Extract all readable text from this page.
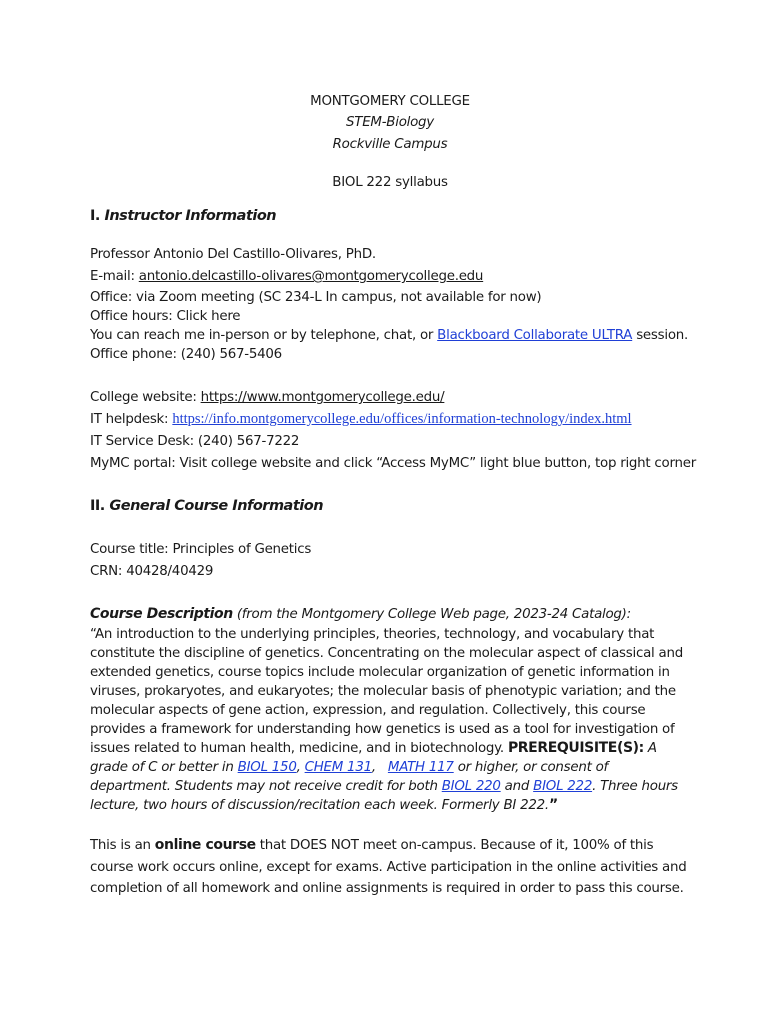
MONTGOMERY COLLEGE
STEM-Biology
Rockville Campus
BIOL 222 syllabus
I. Instructor Information
Professor Antonio Del Castillo-Olivares, PhD.
E-mail: antonio.delcastillo-olivares@montgomerycollege.edu
Office: via Zoom meeting (SC 234-L In campus, not available for now)
Office hours: Click here
You can reach me in-person or by telephone, chat, or Blackboard Collaborate ULTRA session.
Office phone: (240) 567-5406
College website: https://www.montgomerycollege.edu/
IT helpdesk: https://info.montgomerycollege.edu/offices/information-technology/index.html
IT Service Desk: (240) 567-7222
MyMC portal: Visit college website and click “Access MyMC” light blue button, top right corner
II. General Course Information
Course title: Principles of Genetics
CRN: 40428/40429
Course Description (from the Montgomery College Web page, 2023-24 Catalog):
“An introduction to the underlying principles, theories, technology, and vocabulary that constitute the discipline of genetics. Concentrating on the molecular aspect of classical and extended genetics, course topics include molecular organization of genetic information in viruses, prokaryotes, and eukaryotes; the molecular basis of phenotypic variation; and the molecular aspects of gene action, expression, and regulation. Collectively, this course provides a framework for understanding how genetics is used as a tool for investigation of issues related to human health, medicine, and in biotechnology. PREREQUISITE(S): A grade of C or better in BIOL 150, CHEM 131,   MATH 117 or higher, or consent of department. Students may not receive credit for both BIOL 220 and BIOL 222. Three hours lecture, two hours of discussion/recitation each week. Formerly BI 222.”
This is an online course that DOES NOT meet on-campus. Because of it, 100% of this course work occurs online, except for exams. Active participation in the online activities and completion of all homework and online assignments is required in order to pass this course.
